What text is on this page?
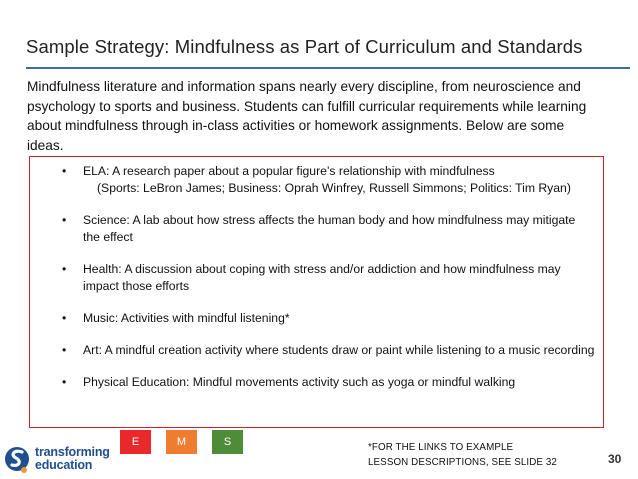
Sample Strategy: Mindfulness as Part of Curriculum and Standards
Mindfulness literature and information spans nearly every discipline, from neuroscience and psychology to sports and business. Students can fulfill curricular requirements while learning about mindfulness through in-class activities or homework assignments. Below are some ideas.
• ELA: A research paper about a popular figure’s relationship with mindfulness
(Sports: LeBron James; Business: Oprah Winfrey, Russell Simmons; Politics: Tim Ryan)
• Science: A lab about how stress affects the human body and how mindfulness may mitigate the effect
• Health: A discussion about coping with stress and/or addiction and how mindfulness may impact those efforts
• Music: Activities with mindful listening*
• Art: A mindful creation activity where students draw or paint while listening to a music recording
• Physical Education: Mindful movements activity such as yoga or mindful walking
E	M	S
transforming
education
*FOR THE LINKS TO EXAMPLE
LESSON DESCRIPTIONS, SEE SLIDE 32	30
